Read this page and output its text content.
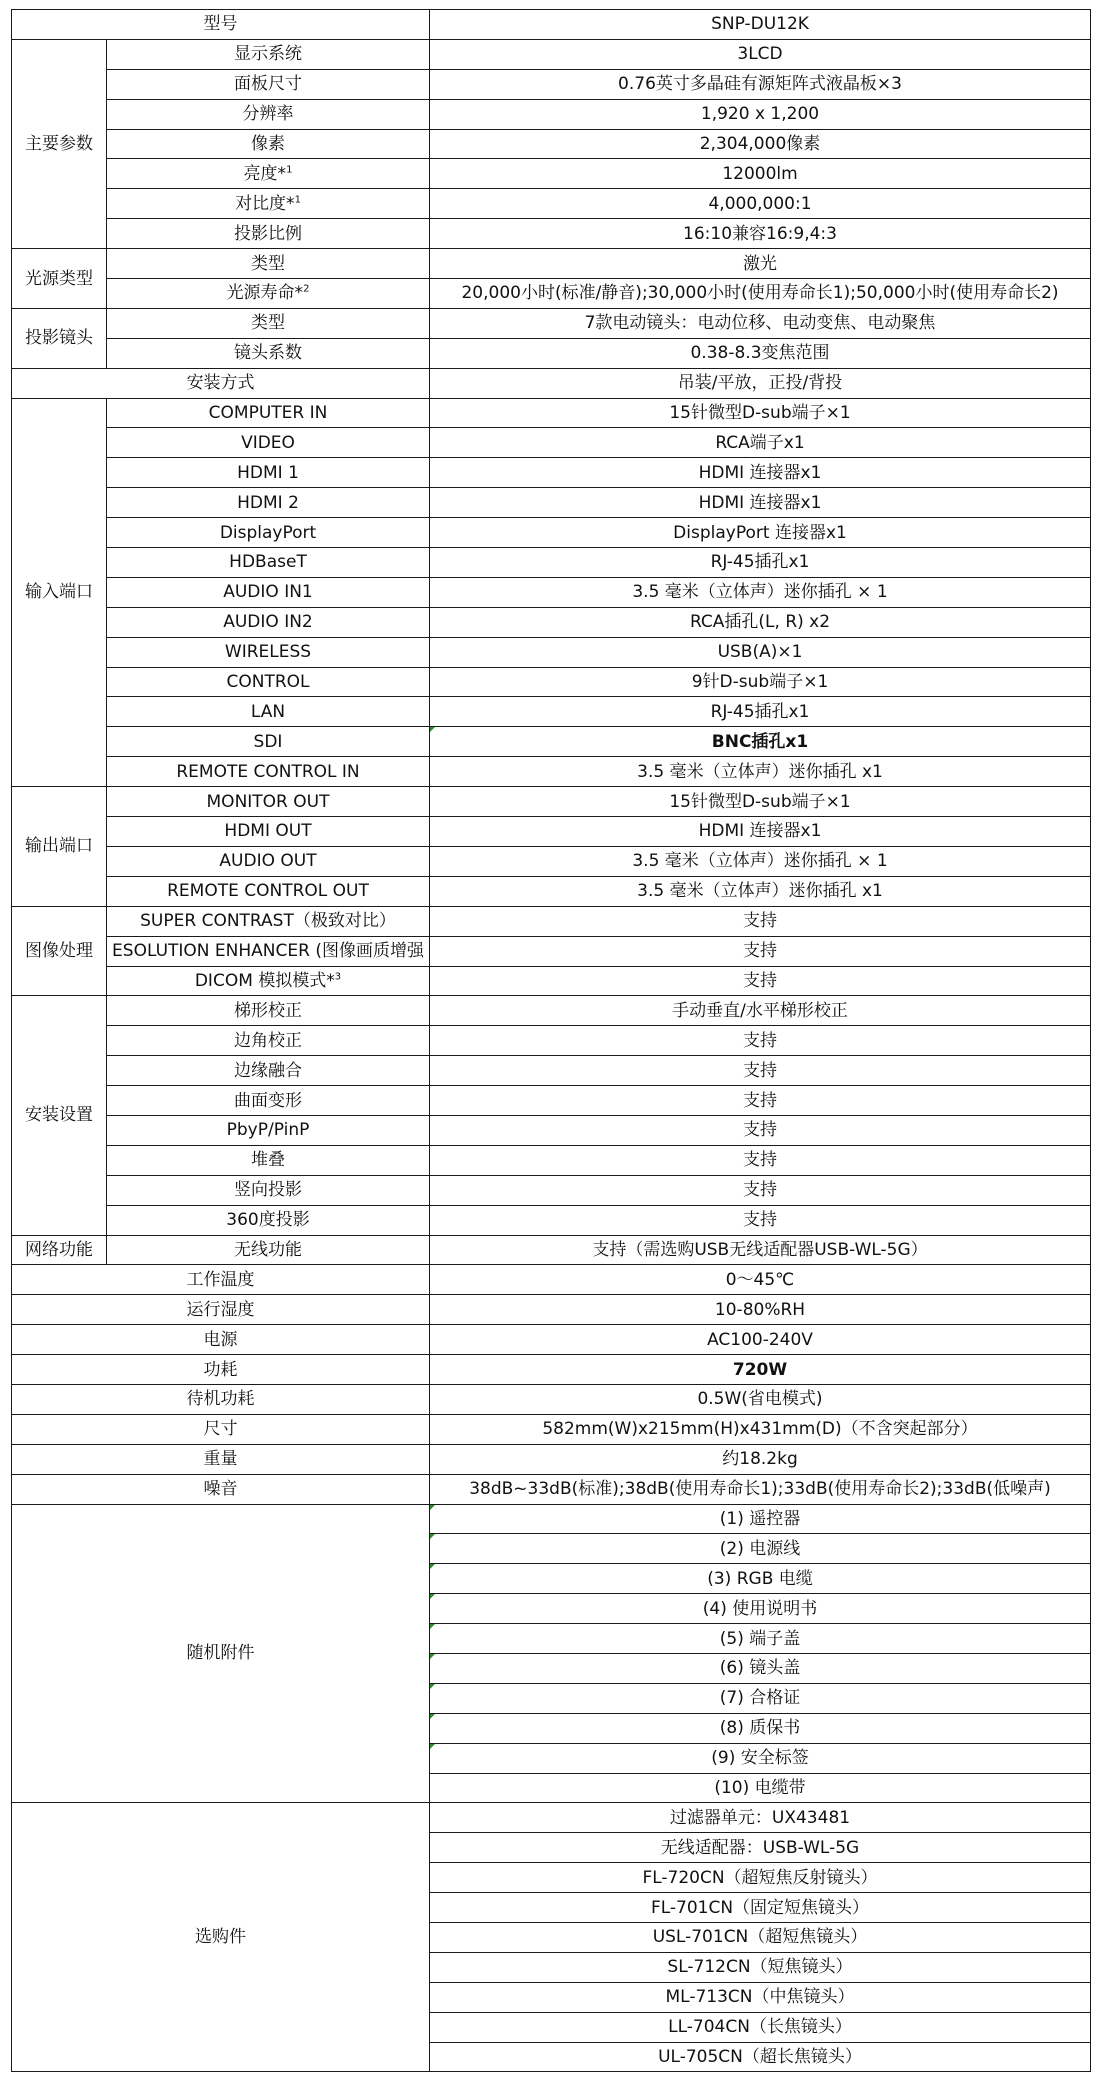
型号		SNP-DU12K
主要参数	显示系统	3LCD
	面板尺寸	0.76英寸多晶硅有源矩阵式液晶板×3
	分辨率	1,920 x 1,200
	像素	2,304,000像素
	亮度*$^1$	12000lm
	对比度*$^1$	4,000,000:1
	投影比例	16:10兼容16:9,4:3
光源类型	类型	激光
	光源寿命*$^2$	20,000小时(标准/静音);30,000小时(使用寿命长1);50,000小时(使用寿命长2)
投影镜头	类型	7款电动镜头：电动位移、电动变焦、电动聚焦
	镜头系数	0.38-8.3变焦范围
安装方式		吊装/平放，正投/背投
输入端口	COMPUTER IN	15针微型D-sub端子×1
	VIDEO	RCA端子x1
	HDMI 1	HDMI 连接器x1
	HDMI 2	HDMI 连接器x1
	DisplayPort	DisplayPort 连接器x1
	HDBaseT	RJ-45插孔x1
	AUDIO IN1	3.5 毫米（立体声）迷你插孔 × 1
	AUDIO IN2	RCA插孔(L, R) x2
	WIRELESS	USB(A)×1
	CONTROL	9针D-sub端子×1
	LAN	RJ-45插孔x1
	SDI	BNC插孔x1
	REMOTE CONTROL IN	3.5 毫米（立体声）迷你插孔 x1
输出端口	MONITOR OUT	15针微型D-sub端子×1
	HDMI OUT	HDMI 连接器x1
	AUDIO OUT	3.5 毫米（立体声）迷你插孔 × 1
	REMOTE CONTROL OUT	3.5 毫米（立体声）迷你插孔 x1
图像处理	SUPER CONTRAST（极致对比）	支持
	ESOLUTION ENHANCER (图像画质增强	支持
	DICOM 模拟模式*$^3$	支持
安装设置	梯形校正	手动垂直/水平梯形校正
	边角校正	支持
	边缘融合	支持
	曲面变形	支持
	PbyP/PinP	支持
	堆叠	支持
	竖向投影	支持
	360度投影	支持
网络功能	无线功能	支持（需选购USB无线适配器USB-WL-5G）
工作温度		0～45℃
运行湿度		10-80%RH
电源		AC100-240V
功耗		720W
待机功耗		0.5W(省电模式)
尺寸		582mm(W)x215mm(H)x431mm(D)（不含突起部分）
重量		约18.2kg
噪音		38dB~33dB(标准);38dB(使用寿命长1);33dB(使用寿命长2);33dB(低噪声)
随机附件		(1) 遥控器
		(2) 电源线
		(3) RGB 电缆
		(4) 使用说明书
		(5) 端子盖
		(6) 镜头盖
		(7) 合格证
		(8) 质保书
		(9) 安全标签
		(10) 电缆带
选购件		过滤器单元：UX43481
		无线适配器：USB-WL-5G
		FL-720CN（超短焦反射镜头）
		FL-701CN（固定短焦镜头）
		USL-701CN（超短焦镜头）
		SL-712CN（短焦镜头）
		ML-713CN（中焦镜头）
		LL-704CN（长焦镜头）
		UL-705CN（超长焦镜头）
